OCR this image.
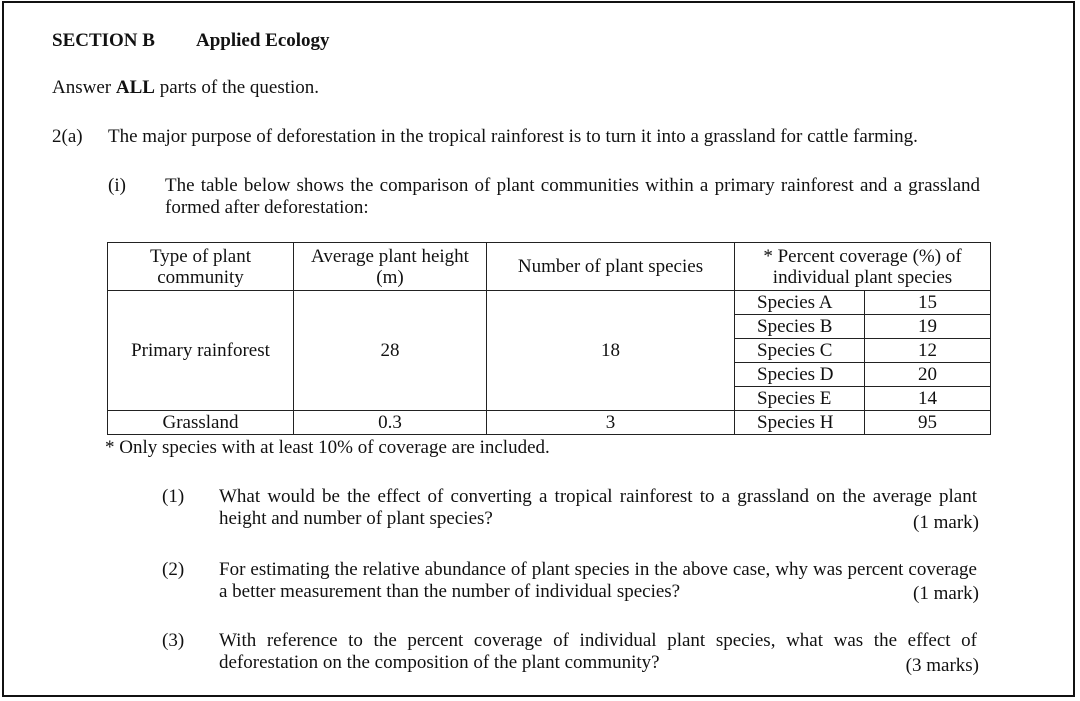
SECTION B Applied Ecology
Answer ALL parts of the question.
2(a) The major purpose of deforestation in the tropical rainforest is to turn it into a grassland for cattle farming.
(i) The table below shows the comparison of plant communities within a primary rainforest and a grassland formed after deforestation:
Type of plant community	Average plant height (m)	Number of plant species	* Percent coverage (%) of individual plant species	
Primary rainforest	28	18	Species A	15
			Species B	19
			Species C	12
			Species D	20
			Species E	14
Grassland	0.3	3	Species H	95
* Only species with at least 10% of coverage are included.
(1) What would be the effect of converting a tropical rainforest to a grassland on the average plant height and number of plant species?	(1 mark)
(2) For estimating the relative abundance of plant species in the above case, why was percent coverage a better measurement than the number of individual species?	(1 mark)
(3) With reference to the percent coverage of individual plant species, what was the effect of deforestation on the composition of the plant community?	(3 marks)
